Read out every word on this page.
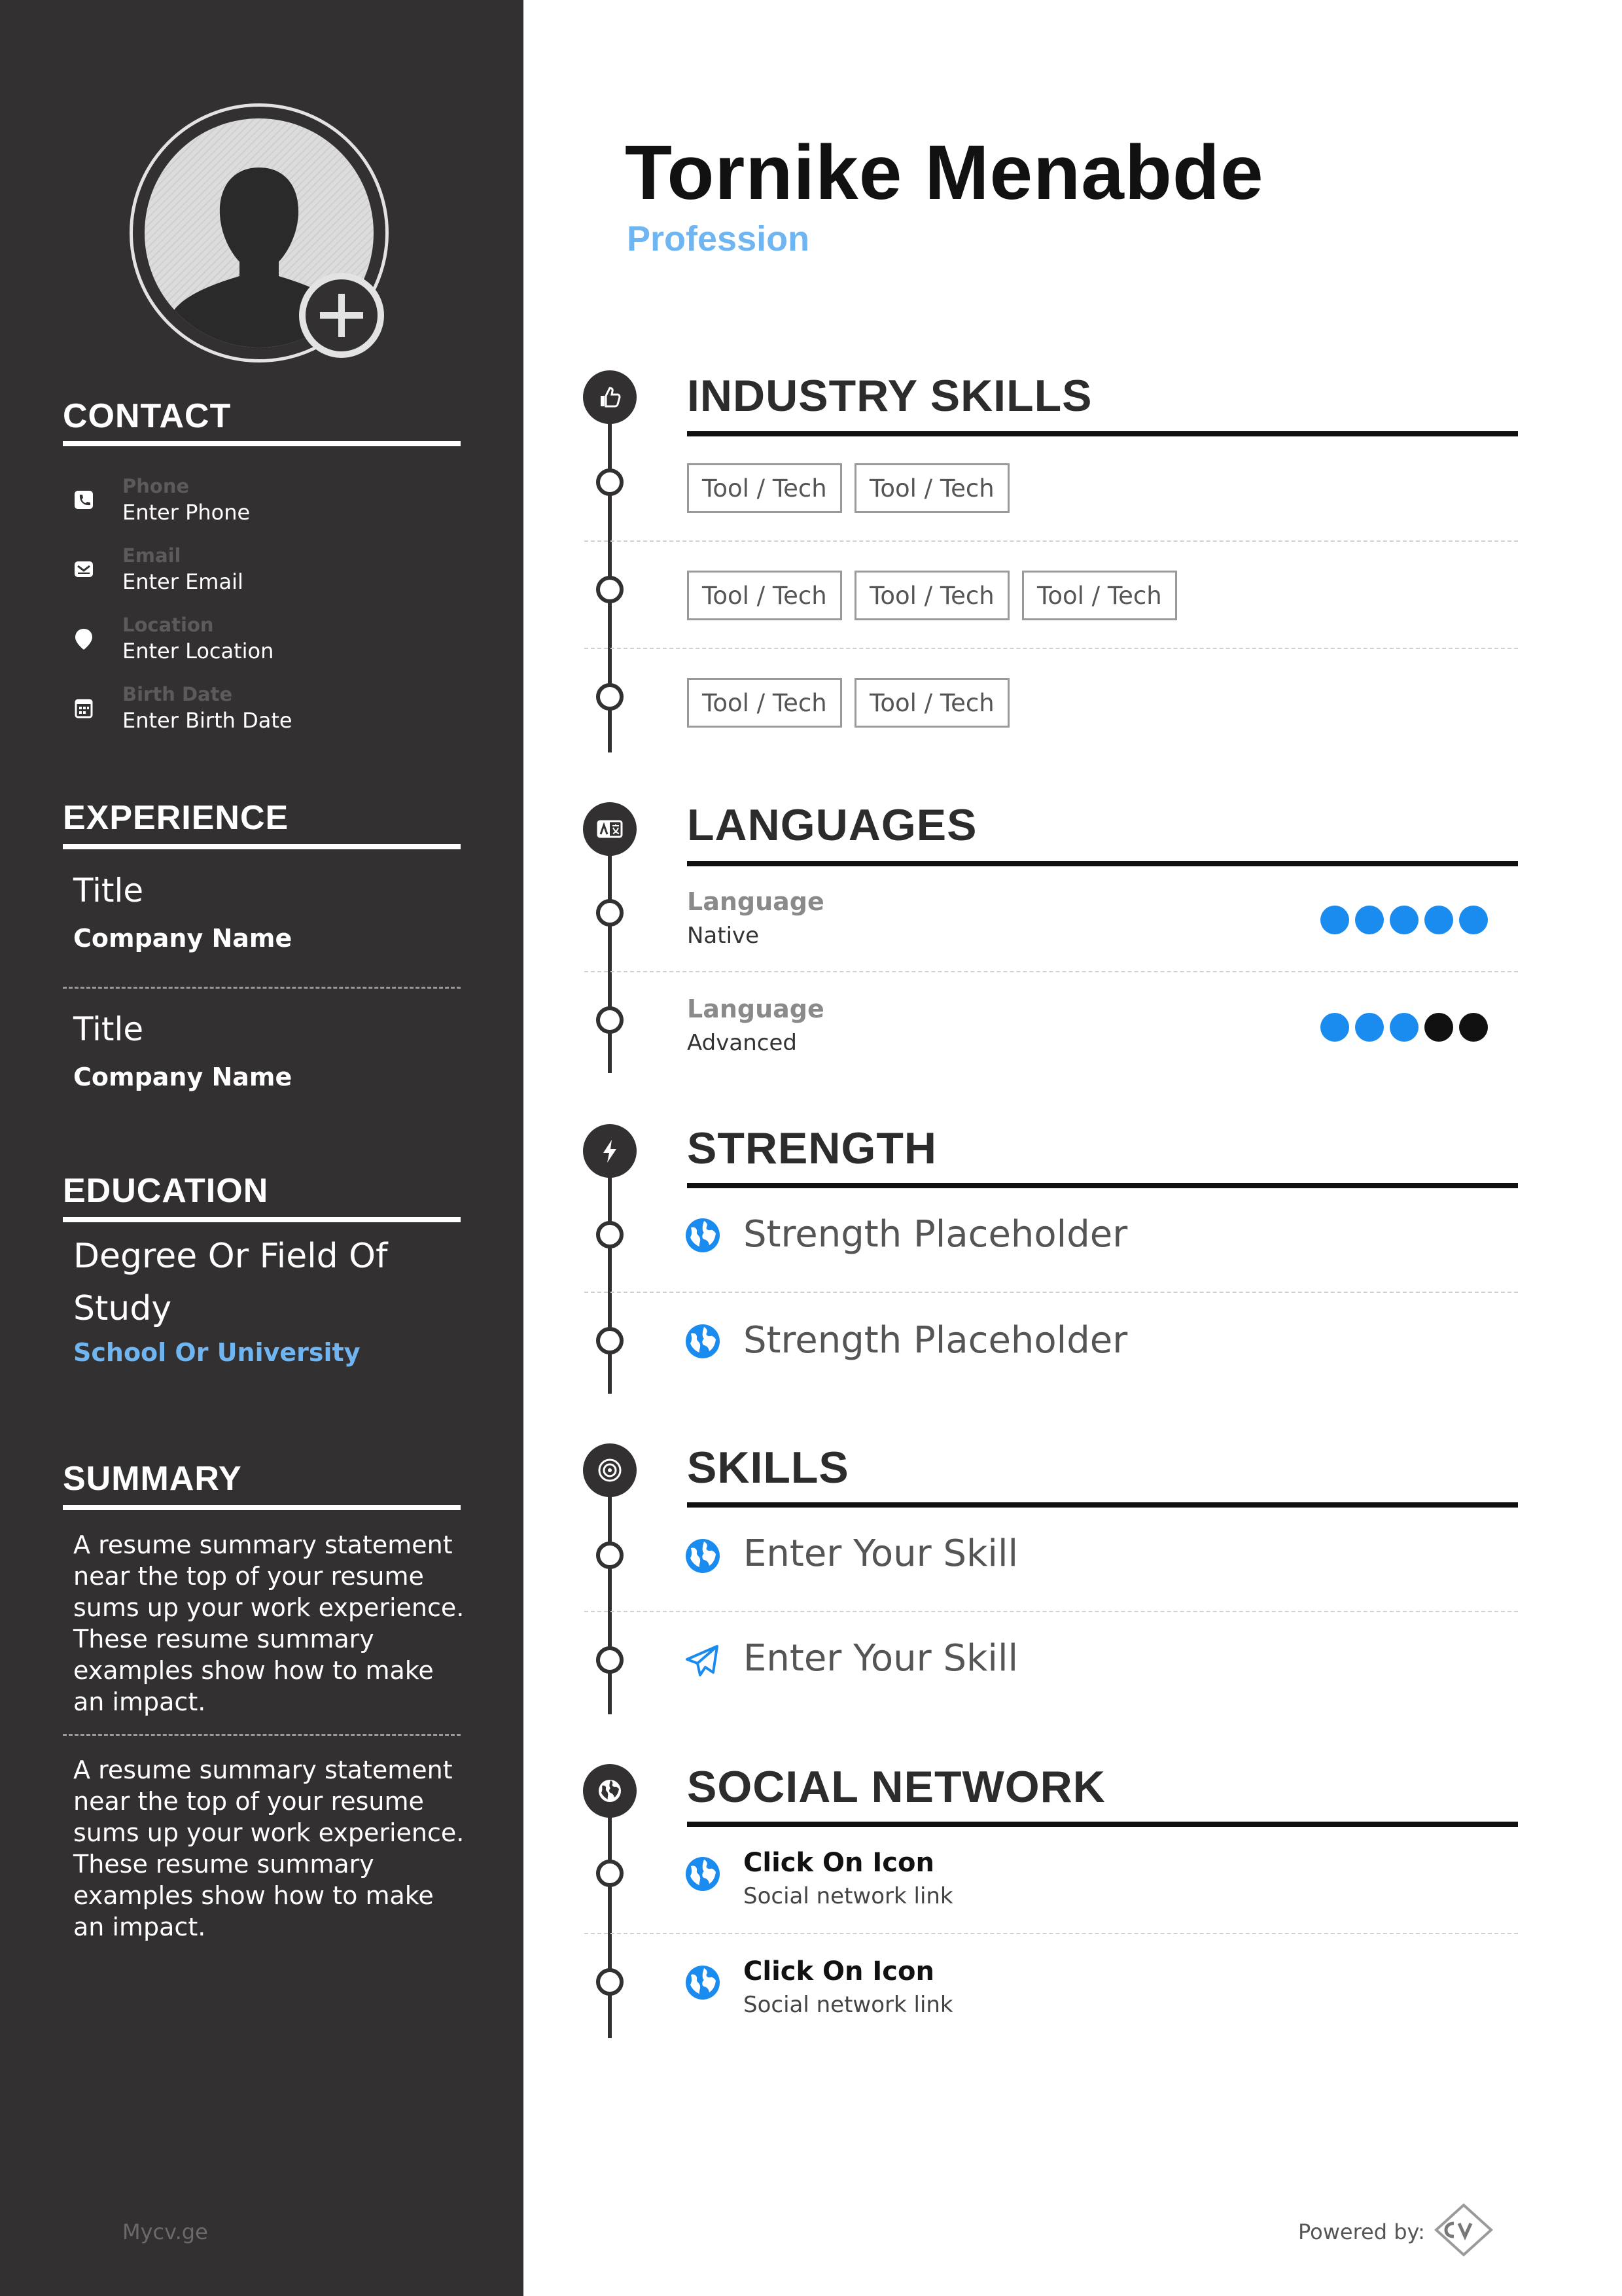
CONTACT
Phone
Enter Phone
Email
Enter Email
Location
Enter Location
Birth Date
Enter Birth Date
EXPERIENCE
Title
Company Name
Title
Company Name
EDUCATION
Degree Or Field Of Study
School Or University
SUMMARY
A resume summary statement near the top of your resume sums up your work experience. These resume summary examples show how to make an impact.
A resume summary statement near the top of your resume sums up your work experience. These resume summary examples show how to make an impact.
Mycv.ge
Tornike Menabde
Profession
INDUSTRY SKILLS
Tool / Tech	Tool / Tech
Tool / Tech	Tool / Tech	Tool / Tech
Tool / Tech	Tool / Tech
LANGUAGES
Language
Native
Language
Advanced
STRENGTH
Strength Placeholder
Strength Placeholder
SKILLS
Enter Your Skill
Enter Your Skill
SOCIAL NETWORK
Click On Icon
Social network link
Click On Icon
Social network link
Powered by:
